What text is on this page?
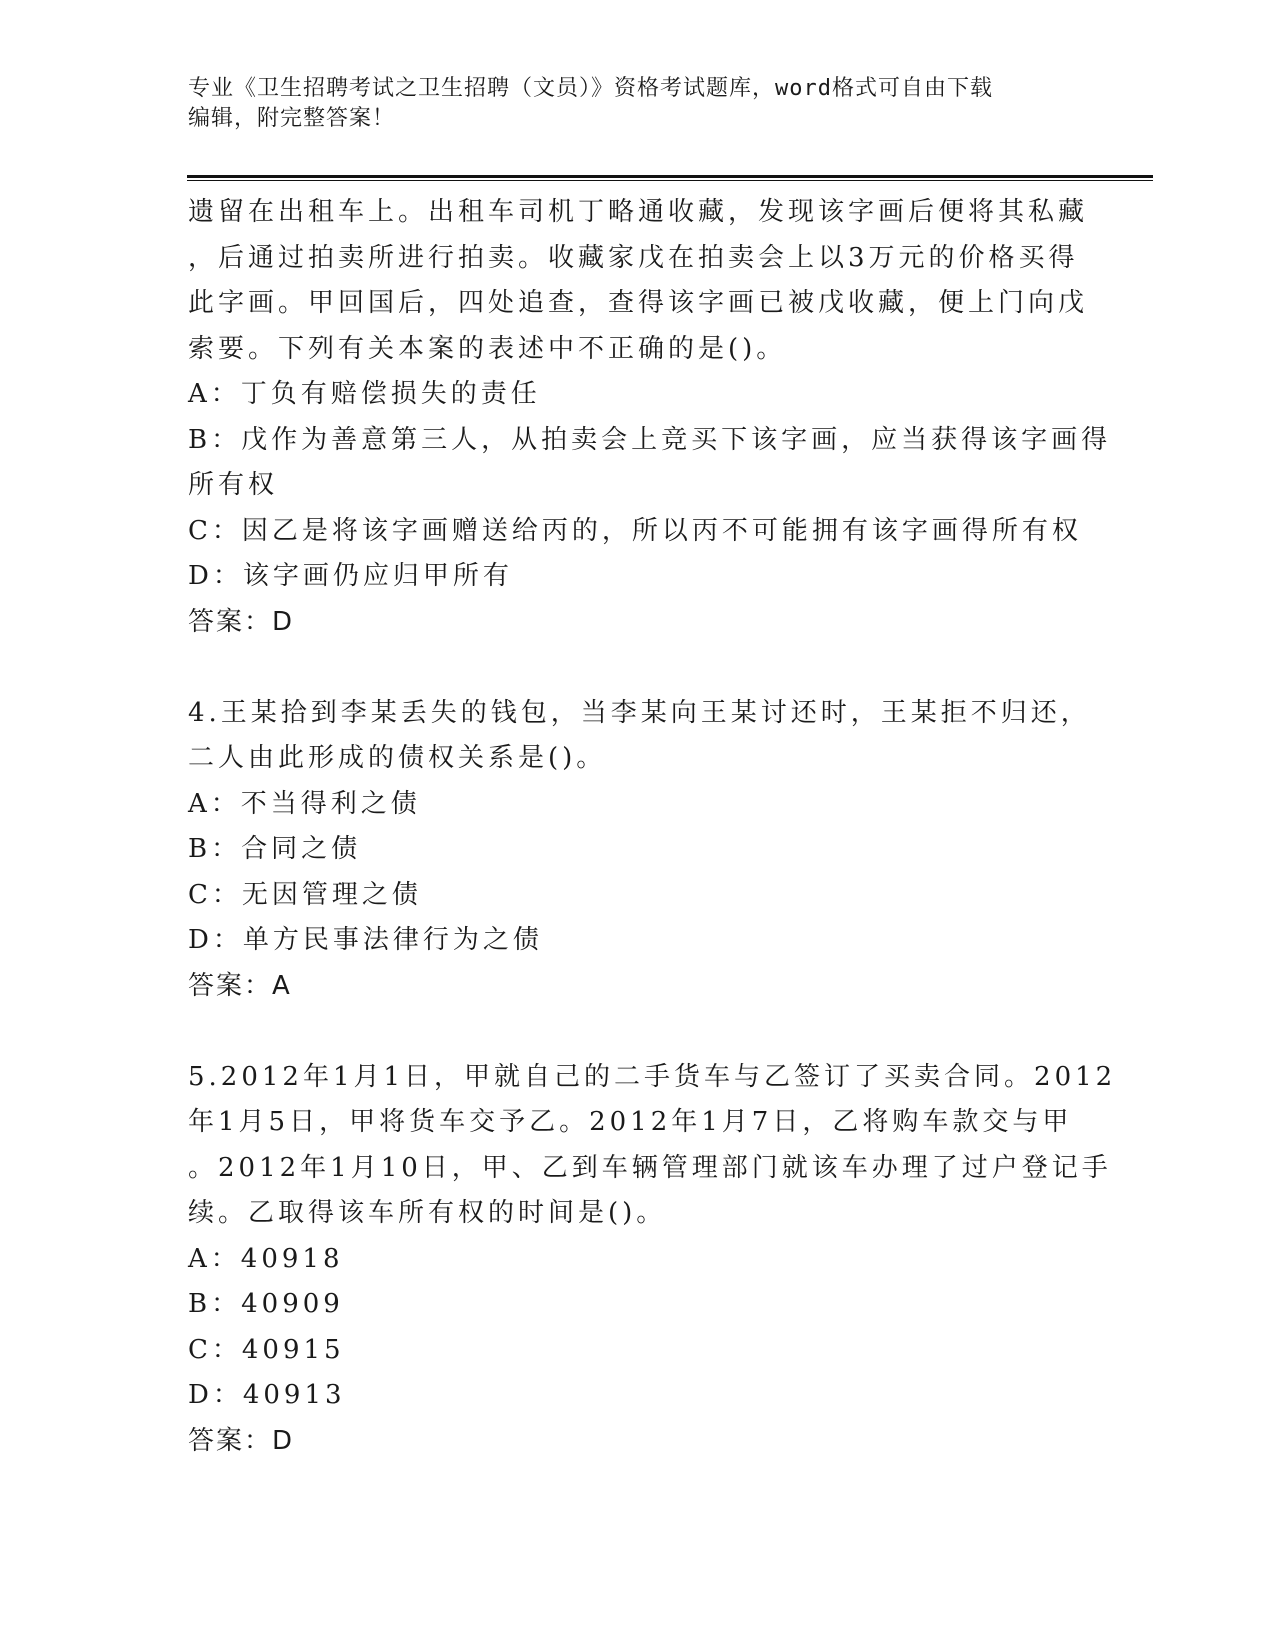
专业《卫生招聘考试之卫生招聘（文员）》资格考试题库，word格式可自由下载
编辑，附完整答案！
遗留在出租车上。出租车司机丁略通收藏，发现该字画后便将其私藏
，后通过拍卖所进行拍卖。收藏家戊在拍卖会上以3万元的价格买得
此字画。甲回国后，四处追查，查得该字画已被戊收藏，便上门向戊
索要。下列有关本案的表述中不正确的是()。
A：丁负有赔偿损失的责任
B：戊作为善意第三人，从拍卖会上竞买下该字画，应当获得该字画得
所有权
C：因乙是将该字画赠送给丙的，所以丙不可能拥有该字画得所有权
D：该字画仍应归甲所有
答案：D
4.王某拾到李某丢失的钱包，当李某向王某讨还时，王某拒不归还，
二人由此形成的债权关系是()。
A：不当得利之债
B：合同之债
C：无因管理之债
D：单方民事法律行为之债
答案：A
5.2012年1月1日，甲就自己的二手货车与乙签订了买卖合同。2012
年1月5日，甲将货车交予乙。2012年1月7日，乙将购车款交与甲
。2012年1月10日，甲、乙到车辆管理部门就该车办理了过户登记手
续。乙取得该车所有权的时间是()。
A：40918
B：40909
C：40915
D：40913
答案：D
